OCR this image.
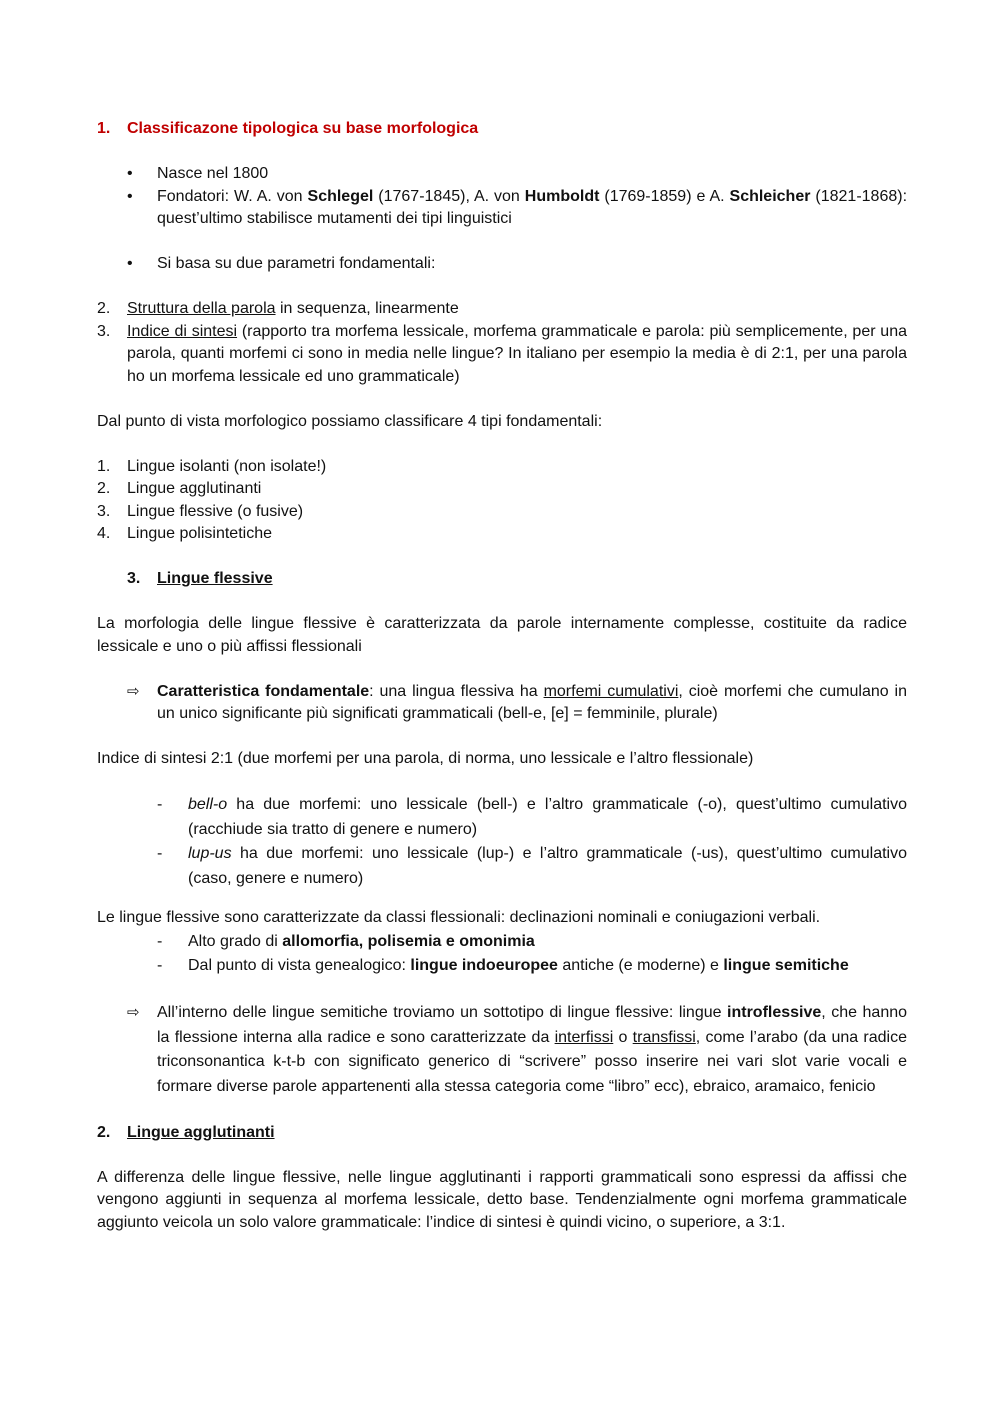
1. Classificazone tipologica su base morfologica
• Nasce nel 1800
• Fondatori: W. A. von Schlegel (1767-1845), A. von Humboldt (1769-1859) e A. Schleicher (1821-1868): quest’ultimo stabilisce mutamenti dei tipi linguistici
• Si basa su due parametri fondamentali:
2. Struttura della parola in sequenza, linearmente
3. Indice di sintesi (rapporto tra morfema lessicale, morfema grammaticale e parola: più semplicemente, per una parola, quanti morfemi ci sono in media nelle lingue? In italiano per esempio la media è di 2:1, per una parola ho un morfema lessicale ed uno grammaticale)
Dal punto di vista morfologico possiamo classificare 4 tipi fondamentali:
1. Lingue isolanti (non isolate!)
2. Lingue agglutinanti
3. Lingue flessive (o fusive)
4. Lingue polisintetiche
3. Lingue flessive
La morfologia delle lingue flessive è caratterizzata da parole internamente complesse, costituite da radice lessicale e uno o più affissi flessionali
⇨ Caratteristica fondamentale: una lingua flessiva ha morfemi cumulativi, cioè morfemi che cumulano in un unico significante più significati grammaticali (bell-e, [e] = femminile, plurale)
Indice di sintesi 2:1 (due morfemi per una parola, di norma, uno lessicale e l’altro flessionale)
- bell-o ha due morfemi: uno lessicale (bell-) e l’altro grammaticale (-o), quest’ultimo cumulativo (racchiude sia tratto di genere e numero)
- lup-us ha due morfemi: uno lessicale (lup-) e l’altro grammaticale (-us), quest’ultimo cumulativo (caso, genere e numero)
Le lingue flessive sono caratterizzate da classi flessionali: declinazioni nominali e coniugazioni verbali.
- Alto grado di allomorfia, polisemia e omonimia
- Dal punto di vista genealogico: lingue indoeuropee antiche (e moderne) e lingue semitiche
⇨ All’interno delle lingue semitiche troviamo un sottotipo di lingue flessive: lingue introflessive, che hanno la flessione interna alla radice e sono caratterizzate da interfissi o transfissi, come l’arabo (da una radice triconsonantica k-t-b con significato generico di “scrivere” posso inserire nei vari slot varie vocali e formare diverse parole appartenenti alla stessa categoria come “libro” ecc), ebraico, aramaico, fenicio
2. Lingue agglutinanti
A differenza delle lingue flessive, nelle lingue agglutinanti i rapporti grammaticali sono espressi da affissi che vengono aggiunti in sequenza al morfema lessicale, detto base. Tendenzialmente ogni morfema grammaticale aggiunto veicola un solo valore grammaticale: l’indice di sintesi è quindi vicino, o superiore, a 3:1.
